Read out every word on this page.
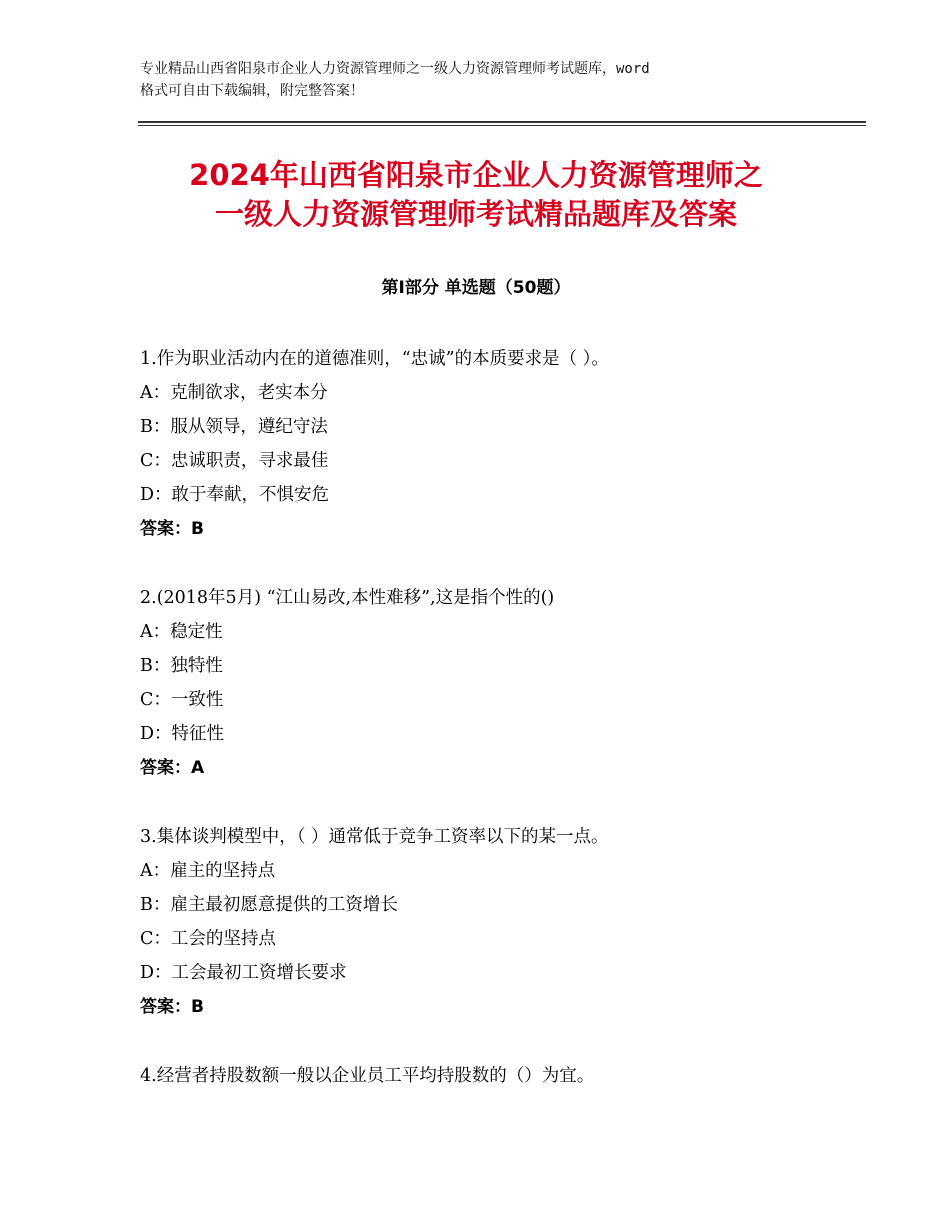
专业精品山西省阳泉市企业人力资源管理师之一级人力资源管理师考试题库，word
格式可自由下载编辑，附完整答案！
2024年山西省阳泉市企业人力资源管理师之
一级人力资源管理师考试精品题库及答案
第Ⅰ部分 单选题（50题）
1.作为职业活动内在的道德准则，“忠诚”的本质要求是（ ）。
A：克制欲求，老实本分
B：服从领导，遵纪守法
C：忠诚职责，寻求最佳
D：敢于奉献，不惧安危
答案：B
2.(2018年5月) “江山易改,本性难移”,这是指个性的()
A：稳定性
B：独特性
C：一致性
D：特征性
答案：A
3.集体谈判模型中，（ ）通常低于竞争工资率以下的某一点。
A：雇主的坚持点
B：雇主最初愿意提供的工资增长
C：工会的坚持点
D：工会最初工资增长要求
答案：B
4.经营者持股数额一般以企业员工平均持股数的（）为宜。
